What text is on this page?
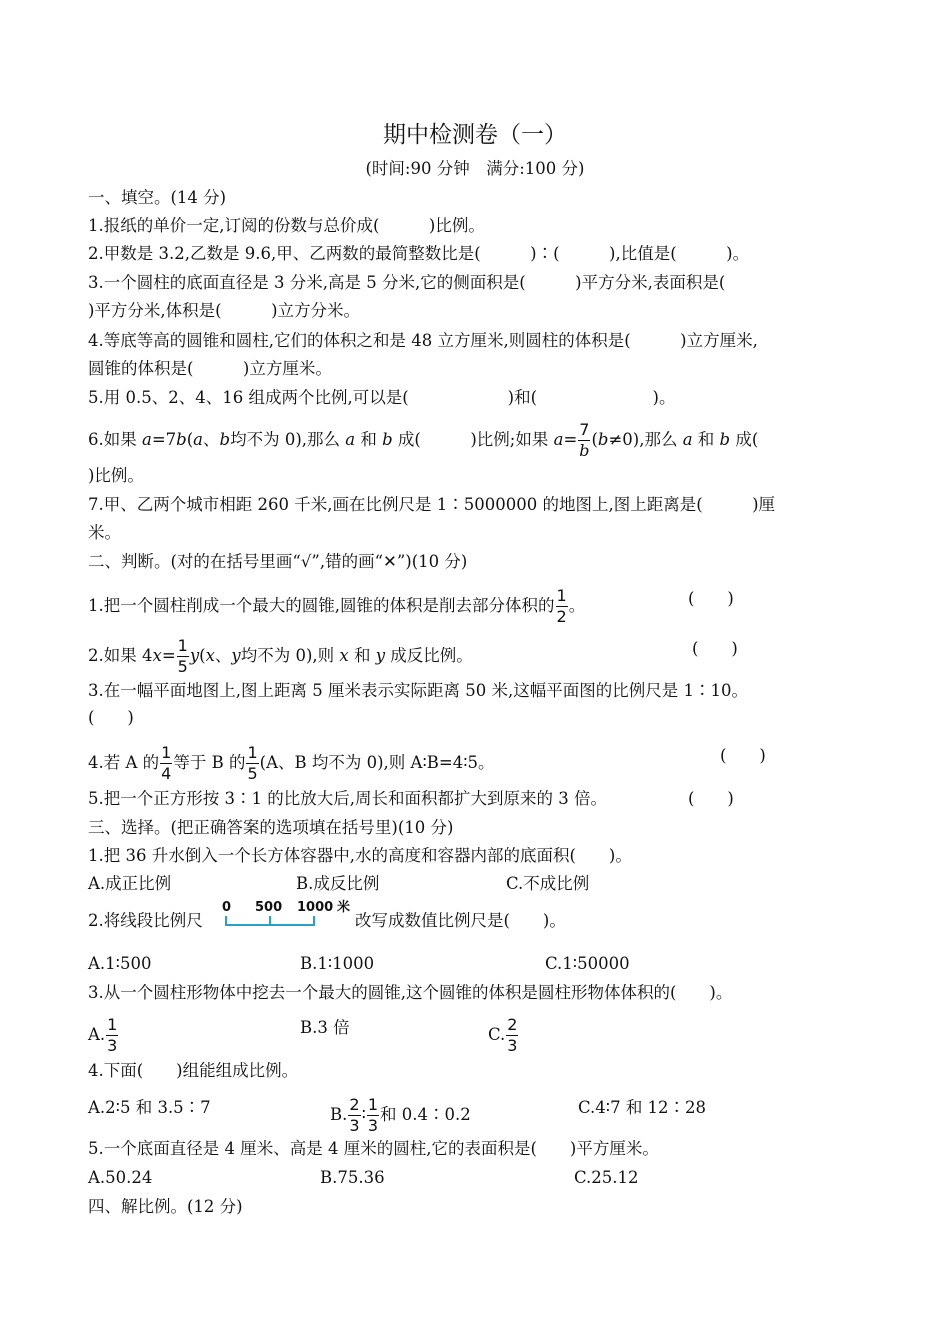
期中检测卷（一）
(时间:90 分钟　满分:100 分)
一、填空。(14 分)
1.报纸的单价一定,订阅的份数与总价成(　　　)比例。
2.甲数是 3.2,乙数是 9.6,甲、乙两数的最简整数比是(　　　)∶(　　　),比值是(　　　)。
3.一个圆柱的底面直径是 3 分米,高是 5 分米,它的侧面积是(　　　)平方分米,表面积是(
)平方分米,体积是(　　　)立方分米。
4.等底等高的圆锥和圆柱,它们的体积之和是 48 立方厘米,则圆柱的体积是(　　　)立方厘米,
圆锥的体积是(　　　)立方厘米。
5.用 0.5、2、4、16 组成两个比例,可以是(　　　　　　)和(　　　　　　　)。
6.如果 a=7b(a、b均不为 0),那么 a 和 b 成(　　　)比例;如果 $a= \frac{7}{b} (b\ne 0)$,那么 a 和 b 成(
)比例。
7.甲、乙两个城市相距 260 千米,画在比例尺是 1∶5000000 的地图上,图上距离是(　　　)厘
米。
二、判断。(对的在括号里画“√”,错的画“✕”)(10 分)
1.把一个圆柱削成一个最大的圆锥,圆锥的体积是削去部分体积的 $\frac{1}{2}$ 。	(　　)
2.如果 $4x= \frac{1}{5} y(x$、y均不为 0),则 x 和 y 成反比例。	(　　)
3.在一幅平面地图上,图上距离 5 厘米表示实际距离 50 米,这幅平面图的比例尺是 1∶10。
(　　)
4.若 A 的 $\frac{1}{4}$ 等于 B 的 $\frac{1}{5} (A$、B 均不为 0),则 A∶B=4∶5。	(　　)
5.把一个正方形按 3∶1 的比放大后,周长和面积都扩大到原来的 3 倍。	(　　)
三、选择。(把正确答案的选项填在括号里)(10 分)
1.把 36 升水倒入一个长方体容器中,水的高度和容器内部的底面积(　　)。
A.成正比例	B.成反比例	C.不成比例
2.将线段比例尺
0 500 1000 米
改写成数值比例尺是(　　)。
A.1∶500	B.1∶1000	C.1∶50000
3.从一个圆柱形物体中挖去一个最大的圆锥,这个圆锥的体积是圆柱形物体体积的(　　)。
A. $\frac{1}{3}$	B.3 倍	C. $\frac{2}{3}$
4.下面(　　)组能组成比例。
A.2∶5 和 3.5∶7	B. $\frac{2}{3}$ ∶ $\frac{1}{3}$ 和 0.4∶0.2	C.4∶7 和 12∶28
5.一个底面直径是 4 厘米、高是 4 厘米的圆柱,它的表面积是(　　)平方厘米。
A.50.24	B.75.36	C.25.12
四、解比例。(12 分)
